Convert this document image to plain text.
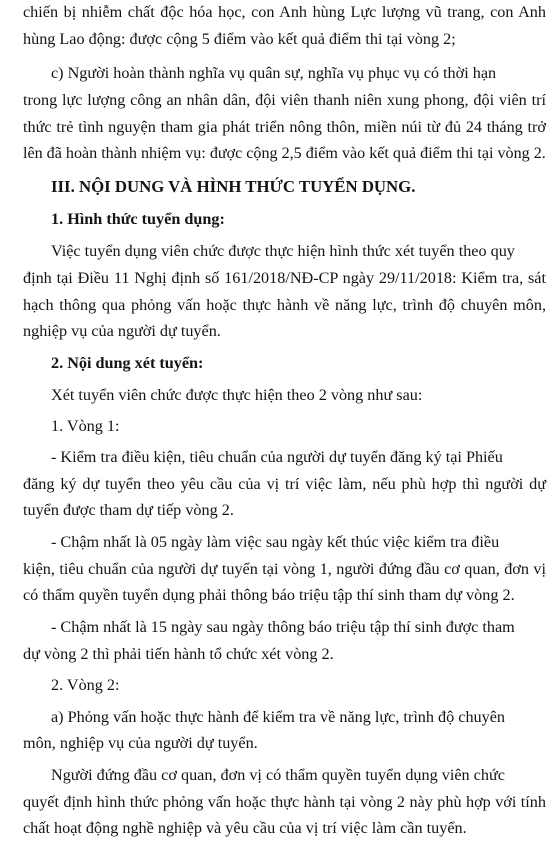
chiến bị nhiễm chất độc hóa học, con Anh hùng Lực lượng vũ trang, con Anh
hùng Lao động: được cộng 5 điểm vào kết quả điểm thi tại vòng 2;
c) Người hoàn thành nghĩa vụ quân sự, nghĩa vụ phục vụ có thời hạn
trong lực lượng công an nhân dân, đội viên thanh niên xung phong, đội viên trí
thức trẻ tình nguyện tham gia phát triển nông thôn, miền núi từ đủ 24 tháng trở
lên đã hoàn thành nhiệm vụ: được cộng 2,5 điểm vào kết quả điểm thi tại vòng 2.
III. NỘI DUNG VÀ HÌNH THỨC TUYỂN DỤNG.
1. Hình thức tuyển dụng:
Việc tuyển dụng viên chức được thực hiện hình thức xét tuyển theo quy
định tại Điều 11 Nghị định số 161/2018/NĐ-CP ngày 29/11/2018: Kiểm tra, sát
hạch thông qua phỏng vấn hoặc thực hành về năng lực, trình độ chuyên môn,
nghiệp vụ của người dự tuyển.
2. Nội dung xét tuyển:
Xét tuyển viên chức được thực hiện theo 2 vòng như sau:
1. Vòng 1:
- Kiểm tra điều kiện, tiêu chuẩn của người dự tuyển đăng ký tại Phiếu
đăng ký dự tuyển theo yêu cầu của vị trí việc làm, nếu phù hợp thì người dự
tuyển được tham dự tiếp vòng 2.
- Chậm nhất là 05 ngày làm việc sau ngày kết thúc việc kiểm tra điều
kiện, tiêu chuẩn của người dự tuyển tại vòng 1, người đứng đầu cơ quan, đơn vị
có thẩm quyền tuyển dụng phải thông báo triệu tập thí sinh tham dự vòng 2.
- Chậm nhất là 15 ngày sau ngày thông báo triệu tập thí sinh được tham
dự vòng 2 thì phải tiến hành tổ chức xét vòng 2.
2. Vòng 2:
a) Phỏng vấn hoặc thực hành để kiểm tra về năng lực, trình độ chuyên
môn, nghiệp vụ của người dự tuyển.
Người đứng đầu cơ quan, đơn vị có thẩm quyền tuyển dụng viên chức
quyết định hình thức phỏng vấn hoặc thực hành tại vòng 2 này phù hợp với tính
chất hoạt động nghề nghiệp và yêu cầu của vị trí việc làm cần tuyển.
